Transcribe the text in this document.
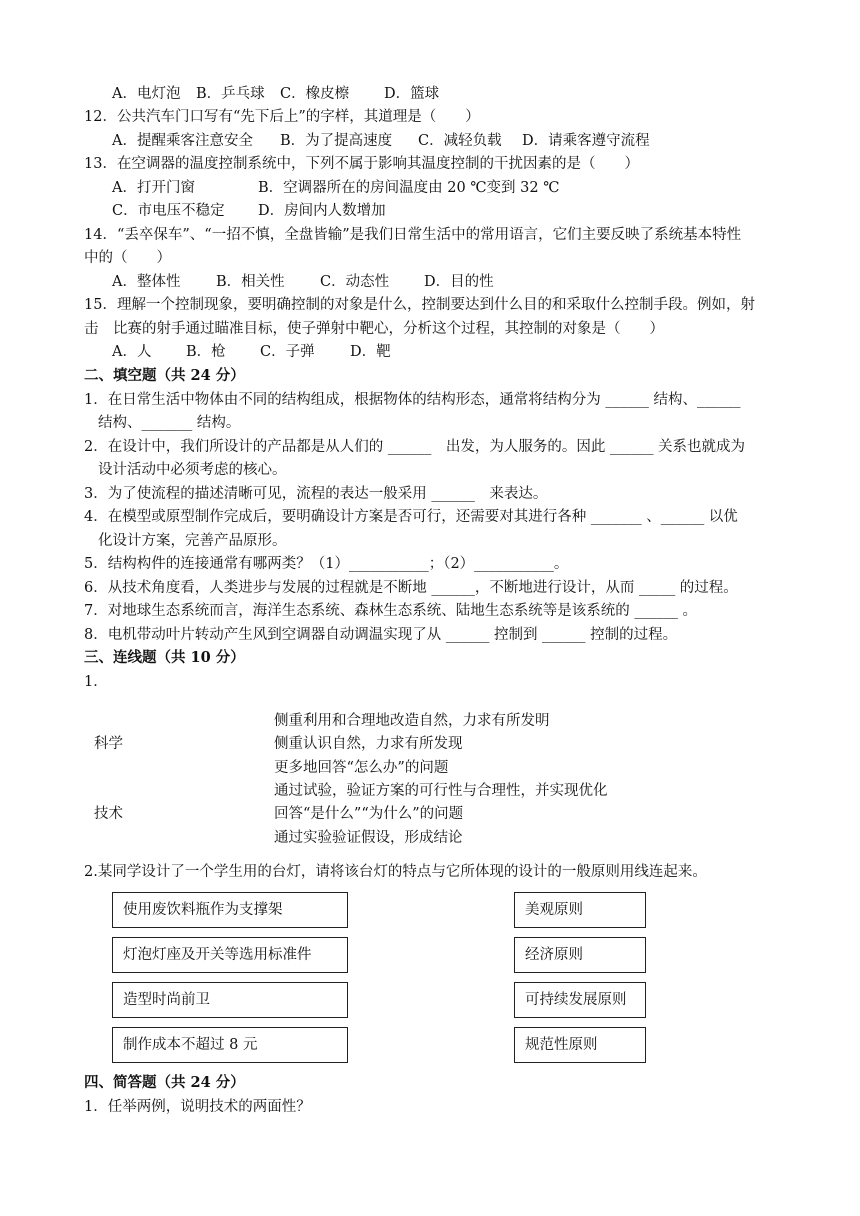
A．电灯泡 B．乒乓球 C．橡皮檫 D．篮球
12．公共汽车门口写有“先下后上”的字样，其道理是（　　）
A．提醒乘客注意安全 B．为了提高速度 C．减轻负载 D．请乘客遵守流程
13．在空调器的温度控制系统中，下列不属于影响其温度控制的干扰因素的是（　　）
A．打开门窗	B．空调器所在的房间温度由 20 ℃变到 32 ℃
C．市电压不稳定 D．房间内人数增加
14．“丢卒保车”、“一招不慎，全盘皆输”是我们日常生活中的常用语言，它们主要反映了系统基本特性
中的（　　）
A．整体性 B．相关性 C．动态性 D．目的性
15．理解一个控制现象，要明确控制的对象是什么，控制要达到什么目的和采取什么控制手段。例如，射
击　比赛的射手通过瞄准目标，使子弹射中靶心，分析这个过程，其控制的对象是（　　）
A．人 B．枪 C．子弹 D．靶
二、填空题（共 24 分）
1．在日常生活中物体由不同的结构组成，根据物体的结构形态，通常将结构分为 ______ 结构、______
结构、_______ 结构。
2．在设计中，我们所设计的产品都是从人们的 ______　出发，为人服务的。因此 ______ 关系也就成为
设计活动中必须考虑的核心。
3．为了使流程的描述清晰可见，流程的表达一般采用 ______　来表达。
4．在模型或原型制作完成后，要明确设计方案是否可行，还需要对其进行各种 _______ 、______ 以优
化设计方案，完善产品原形。
5．结构构件的连接通常有哪两类？（1）___________；（2）___________。
6．从技术角度看，人类进步与发展的过程就是不断地 ______，不断地进行设计，从而 _____ 的过程。
7．对地球生态系统而言，海洋生态系统、森林生态系统、陆地生态系统等是该系统的 ______ 。
8．电机带动叶片转动产生风到空调器自动调温实现了从 ______ 控制到 ______ 控制的过程。
三、连线题（共 10 分）
1．
科学
技术
侧重利用和合理地改造自然，力求有所发明
侧重认识自然，力求有所发现
更多地回答“怎么办”的问题
通过试验，验证方案的可行性与合理性，并实现优化
回答“是什么”“为什么”的问题
通过实验验证假设，形成结论
2.某同学设计了一个学生用的台灯，请将该台灯的特点与它所体现的设计的一般原则用线连起来。
使用废饮料瓶作为支撑架
灯泡灯座及开关等选用标准件
造型时尚前卫
制作成本不超过 8 元
美观原则
经济原则
可持续发展原则
规范性原则
四、简答题（共 24 分）
1．任举两例，说明技术的两面性？
